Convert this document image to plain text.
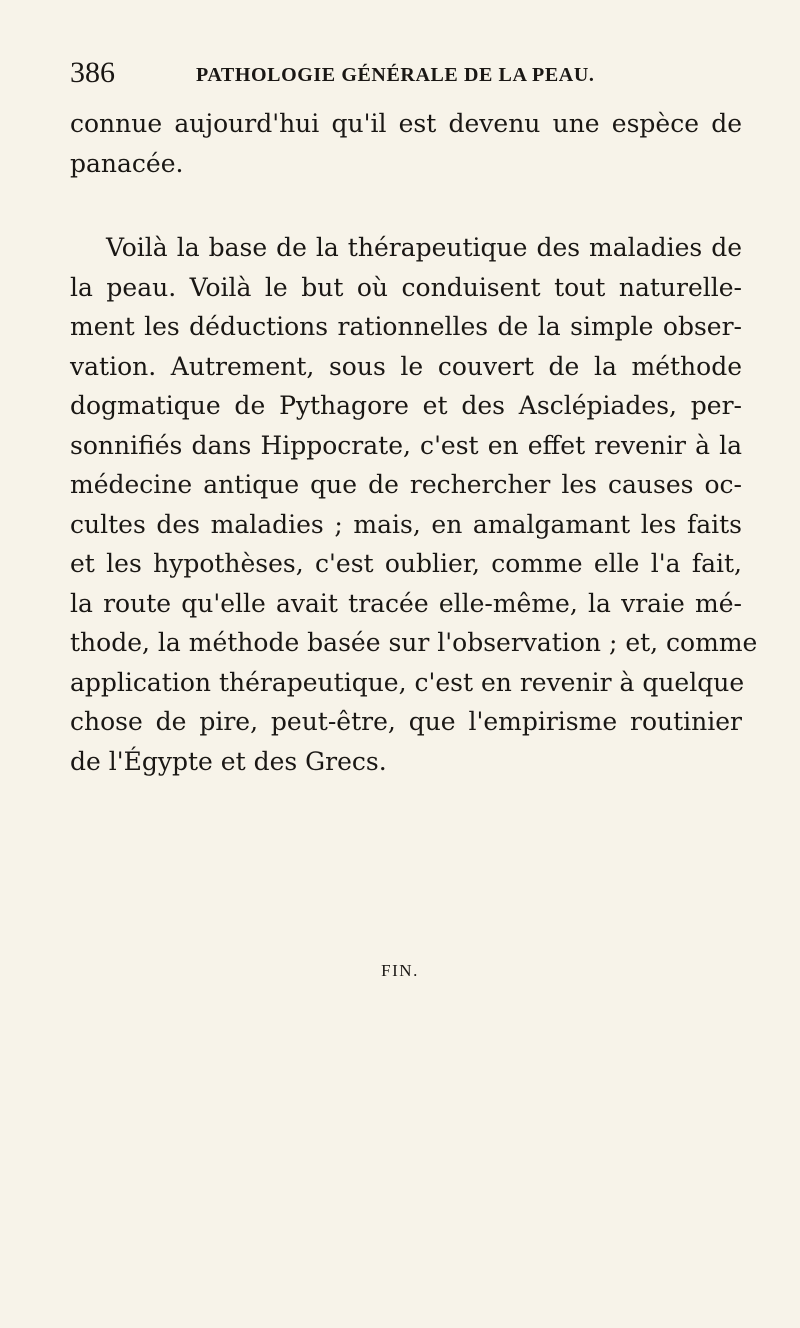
386	PATHOLOGIE GÉNÉRALE DE LA PEAU.
connue aujourd'hui qu'il est devenu une espèce de
panacée.
Voilà la base de la thérapeutique des maladies de
la peau. Voilà le but où conduisent tout naturelle-
ment les déductions rationnelles de la simple obser-
vation. Autrement, sous le couvert de la méthode
dogmatique de Pythagore et des Asclépiades, per-
sonnifiés dans Hippocrate, c'est en effet revenir à la
médecine antique que de rechercher les causes oc-
cultes des maladies ; mais, en amalgamant les faits
et les hypothèses, c'est oublier, comme elle l'a fait,
la route qu'elle avait tracée elle-même, la vraie mé-
thode, la méthode basée sur l'observation ; et, comme
application thérapeutique, c'est en revenir à quelque
chose de pire, peut-être, que l'empirisme routinier
de l'Égypte et des Grecs.
FIN.
